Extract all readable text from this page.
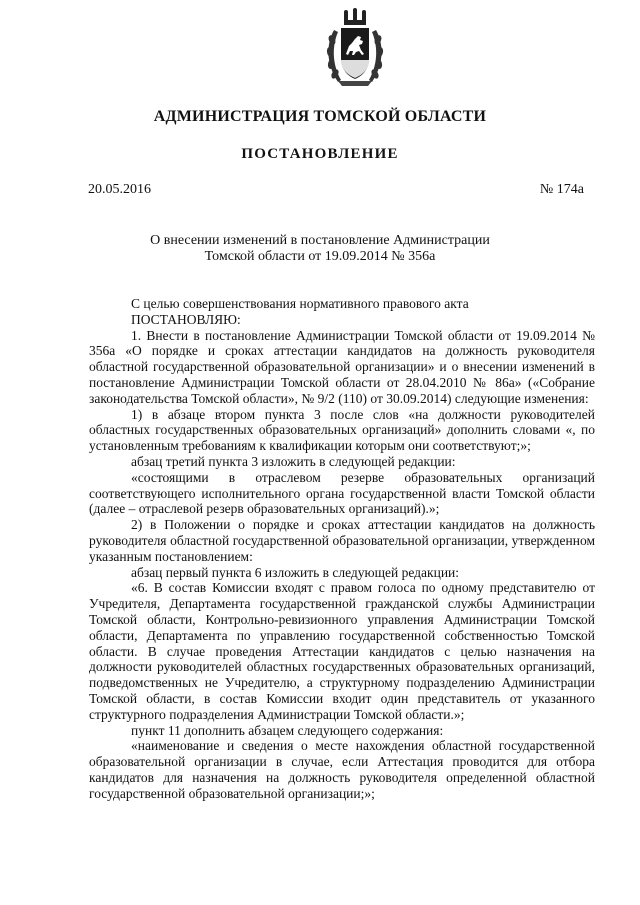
АДМИНИСТРАЦИЯ ТОМСКОЙ ОБЛАСТИ
ПОСТАНОВЛЕНИЕ
20.05.2016	№ 174а
О внесении изменений в постановление Администрации
Томской области от 19.09.2014 № 356а

С целью совершенствования нормативного правового акта

ПОСТАНОВЛЯЮ:

1. Внести в постановление Администрации Томской области от 19.09.2014 № 356а «О порядке и сроках аттестации кандидатов на должность руководителя областной государственной образовательной организации» и о внесении изменений в постановление Администрации Томской области от 28.04.2010 № 86а» («Собрание законодательства Томской области», № 9/2 (110) от 30.09.2014) следующие изменения:

1) в абзаце втором пункта 3 после слов «на должности руководителей областных государственных образовательных организаций» дополнить словами «, по установленным требованиям к квалификации которым они соответствуют;»;

абзац третий пункта 3 изложить в следующей редакции:

«состоящими в отраслевом резерве образовательных организаций соответствующего исполнительного органа государственной власти Томской области (далее – отраслевой резерв образовательных организаций).»;

2) в Положении о порядке и сроках аттестации кандидатов на должность руководителя областной государственной образовательной организации, утвержденном указанным постановлением:

абзац первый пункта 6 изложить в следующей редакции:

«6. В состав Комиссии входят с правом голоса по одному представителю от Учредителя, Департамента государственной гражданской службы Администрации Томской области, Контрольно-ревизионного управления Администрации Томской области, Департамента по управлению государственной собственностью Томской области. В случае проведения Аттестации кандидатов с целью назначения на должности руководителей областных государственных образовательных организаций, подведомственных не Учредителю, а структурному подразделению Администрации Томской области, в состав Комиссии входит один представитель от указанного структурного подразделения Администрации Томской области.»;

пункт 11 дополнить абзацем следующего содержания:

«наименование и сведения о месте нахождения областной государственной образовательной организации в случае, если Аттестация проводится для отбора кандидатов для назначения на должность руководителя определенной областной государственной образовательной организации;»;
